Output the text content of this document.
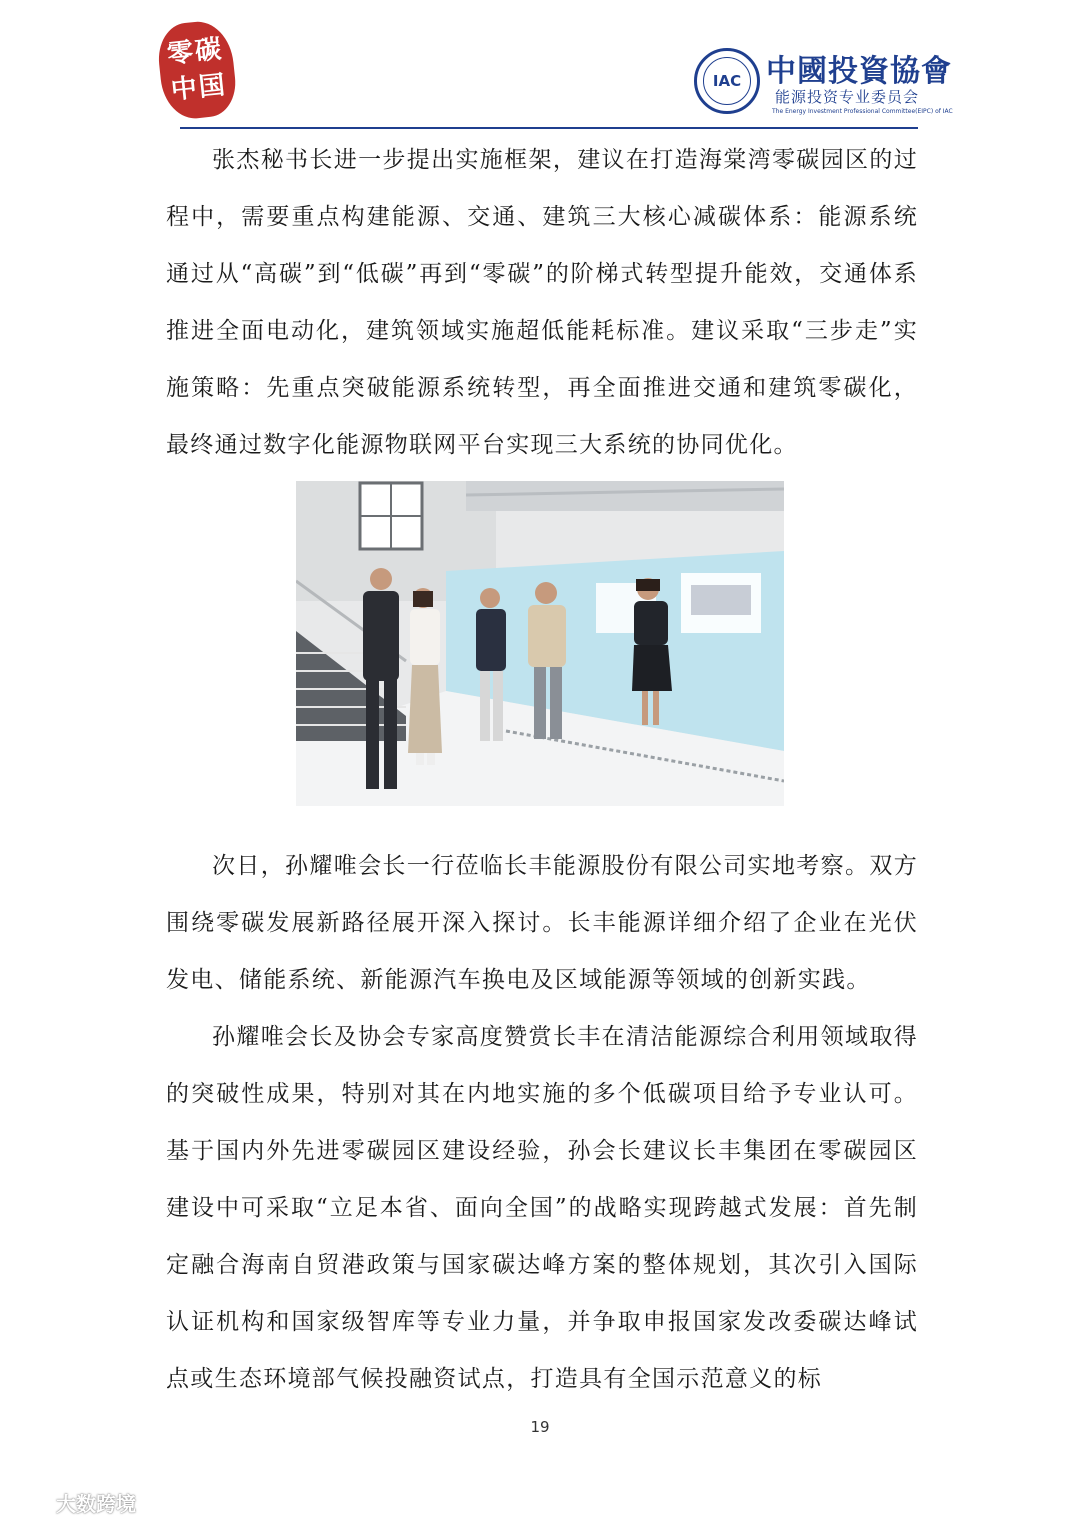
零碳
中国	IAC 中國投資協會
能源投资专业委员会
The Energy Investment Professional Committee(EIPC) of IAC

张杰秘书长进一步提出实施框架，建议在打造海棠湾零碳园区的过程中，需要重点构建能源、交通、建筑三大核心减碳体系：能源系统通过从“高碳”到“低碳”再到“零碳”的阶梯式转型提升能效，交通体系推进全面电动化，建筑领域实施超低能耗标准。建议采取“三步走”实施策略：先重点突破能源系统转型，再全面推进交通和建筑零碳化，最终通过数字化能源物联网平台实现三大系统的协同优化。

次日，孙耀唯会长一行莅临长丰能源股份有限公司实地考察。双方围绕零碳发展新路径展开深入探讨。长丰能源详细介绍了企业在光伏发电、储能系统、新能源汽车换电及区域能源等领域的创新实践。

孙耀唯会长及协会专家高度赞赏长丰在清洁能源综合利用领域取得的突破性成果，特别对其在内地实施的多个低碳项目给予专业认可。基于国内外先进零碳园区建设经验，孙会长建议长丰集团在零碳园区建设中可采取“立足本省、面向全国”的战略实现跨越式发展：首先制定融合海南自贸港政策与国家碳达峰方案的整体规划，其次引入国际认证机构和国家级智库等专业力量，并争取申报国家发改委碳达峰试点或生态环境部气候投融资试点，打造具有全国示范意义的标

19
大数跨境
